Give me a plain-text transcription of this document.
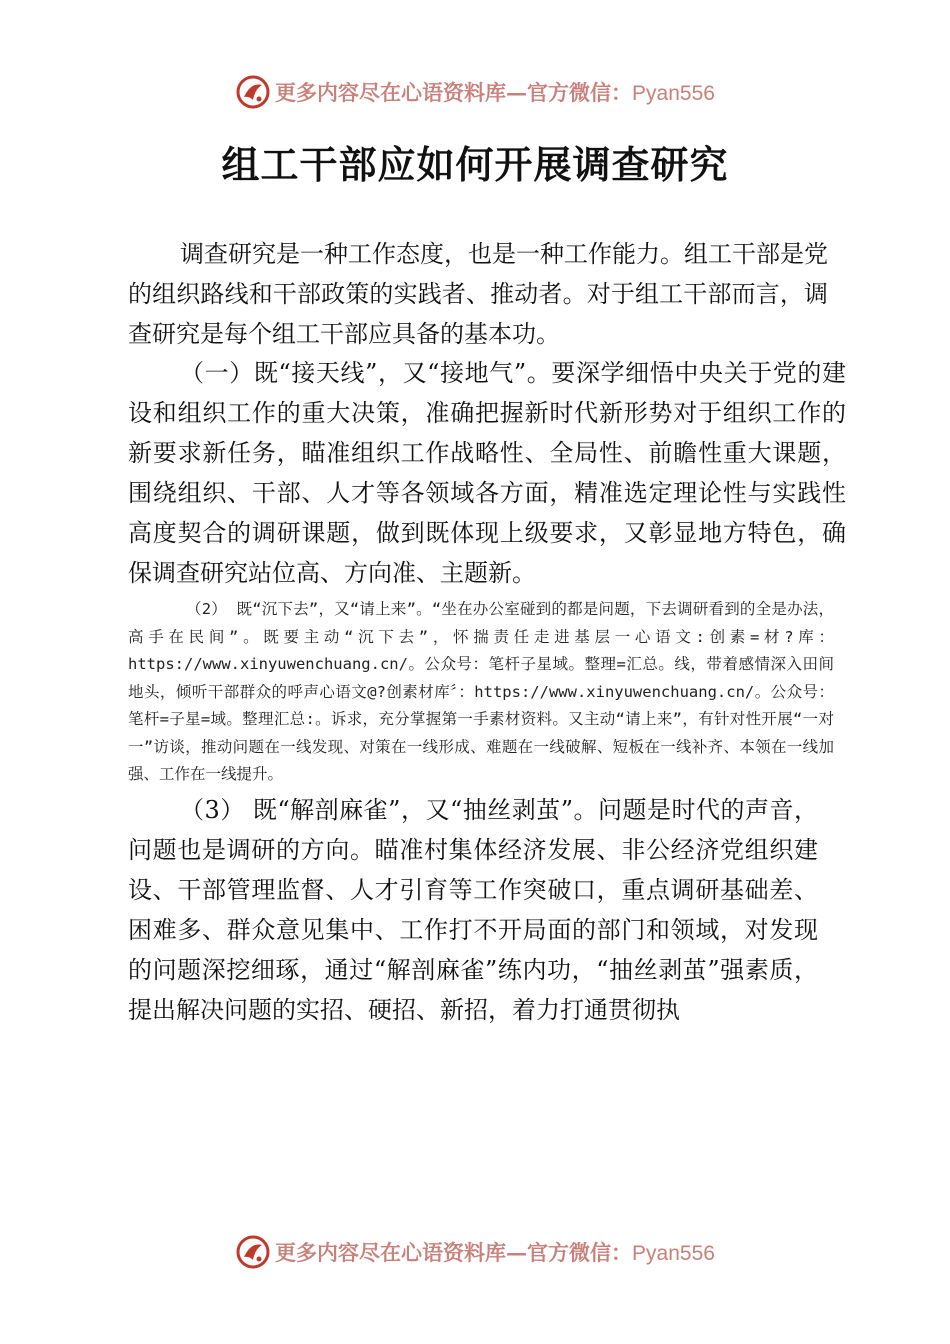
更多内容尽在心语资料库—官方微信：Pyan556
组工干部应如何开展调查研究

调查研究是一种工作态度，也是一种工作能力。组工干部是党的组织路线和干部政策的实践者、推动者。对于组工干部而言，调查研究是每个组工干部应具备的基本功。

（一）既“接天线”，又“接地气”。要深学细悟中央关于党的建设和组织工作的重大决策，准确把握新时代新形势对于组织工作的新要求新任务，瞄准组织工作战略性、全局性、前瞻性重大课题，围绕组织、干部、人才等各领域各方面，精准选定理论性与实践性高度契合的调研课题，做到既体现上级要求，又彰显地方特色，确保调查研究站位高、方向准、主题新。

（2） 既“沉下去”，又“请上来”。“坐在办公室碰到的都是问题，下去调研看到的全是办法，高手在民间”。既要主动“沉下去”，怀揣责任走进基层一心语文:创素=材?库：https://www.xinyuwenchuang.cn/。公众号：笔杆子星域。整理=汇总。线，带着感情深入田间地头，倾听干部群众的呼声心语文@?创素材库〞：https://www.xinyuwenchuang.cn/。公众号：笔杆=子星=域。整理汇总:。诉求，充分掌握第一手素材资料。又主动“请上来”，有针对性开展“一对一”访谈，推动问题在一线发现、对策在一线形成、难题在一线破解、短板在一线补齐、本领在一线加强、工作在一线提升。

（3） 既“解剖麻雀”，又“抽丝剥茧”。问题是时代的声音，问题也是调研的方向。瞄准村集体经济发展、非公经济党组织建设、干部管理监督、人才引育等工作突破口，重点调研基础差、困难多、群众意见集中、工作打不开局面的部门和领域，对发现的问题深挖细琢，通过“解剖麻雀”练内功，“抽丝剥茧”强素质，提出解决问题的实招、硬招、新招，着力打通贯彻执

更多内容尽在心语资料库—官方微信：Pyan556
